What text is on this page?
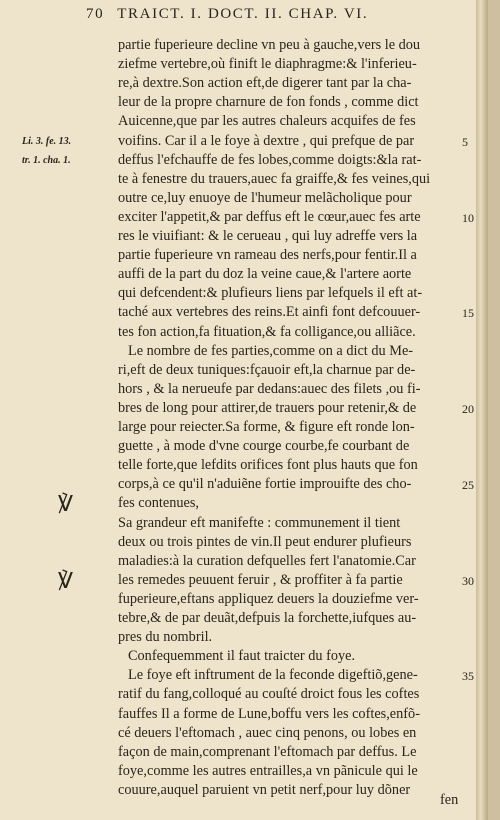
70 TRAICT. I. DOCT. II. CHAP. VI.
partie fuperieure decline vn peu à gauche,vers le dou
ziefme vertebre,où finift le diaphragme:& l'inferieu-
re,à dextre.Son action eft,de digerer tant par la cha-
leur de la propre charnure de fon fonds , comme dict
Auicenne,que par les autres chaleurs acquifes de fes
voifins. Car il a le foye à dextre , qui prefque de par
deffus l'efchauffe de fes lobes,comme doigts:&la rat-
te à fenestre du trauers,auec fa graiffe,& fes veines,qui
outre ce,luy enuoye de l'humeur melãcholique pour
exciter l'appetit,& par deffus eft le cœur,auec fes arte
res le viuifiant: & le cerueau , qui luy adreffe vers la
partie fuperieure vn rameau des nerfs,pour fentir.Il a
auffi de la part du doz la veine caue,& l'artere aorte
qui defcendent:& plufieurs liens par lefquels il eft at-
taché aux vertebres des reins.Et ainfi font defcouuer-
tes fon action,fa fituation,& fa colligance,ou alliãce.
Le nombre de fes parties,comme on a dict du Me-
ri,eft de deux tuniques:fçauoir eft,la charnue par de-
hors , & la nerueufe par dedans:auec des filets ,ou fi-
bres de long pour attirer,de trauers pour retenir,& de
large pour reiecter.Sa forme, & figure eft ronde lon-
guette , à mode d'vne courge courbe,fe courbant de
telle forte,que lefdits orifices font plus hauts que fon
corps,à ce qu'il n'aduiẽne fortie improuifte des cho-
fes contenues,
Sa grandeur eft manifefte : communement il tient
deux ou trois pintes de vin.Il peut endurer plufieurs
maladies:à la curation defquelles fert l'anatomie.Car
les remedes peuuent feruir , & proffiter à fa partie
fuperieure,eftans appliquez deuers la douziefme ver-
tebre,& de par deuãt,defpuis la forchette,iufques au-
pres du nombril.
Confequemment il faut traicter du foye.
Le foye eft inftrument de la feconde digeftiõ,gene-
ratif du fang,colloqué au couſté droict fous les coftes
fauffes Il a forme de Lune,boffu vers les coftes,enfõ-
cé deuers l'eftomach , auec cinq penons, ou lobes en
façon de main,comprenant l'eftomach par deffus. Le
foye,comme les autres entrailles,a vn pãnicule qui le
couure,auquel paruient vn petit nerf,pour luy dõner
Li. 3. fe. 13.
tr. 1. cha. 1.
5
10
15
20
25
30
35
℣
℣
fen
